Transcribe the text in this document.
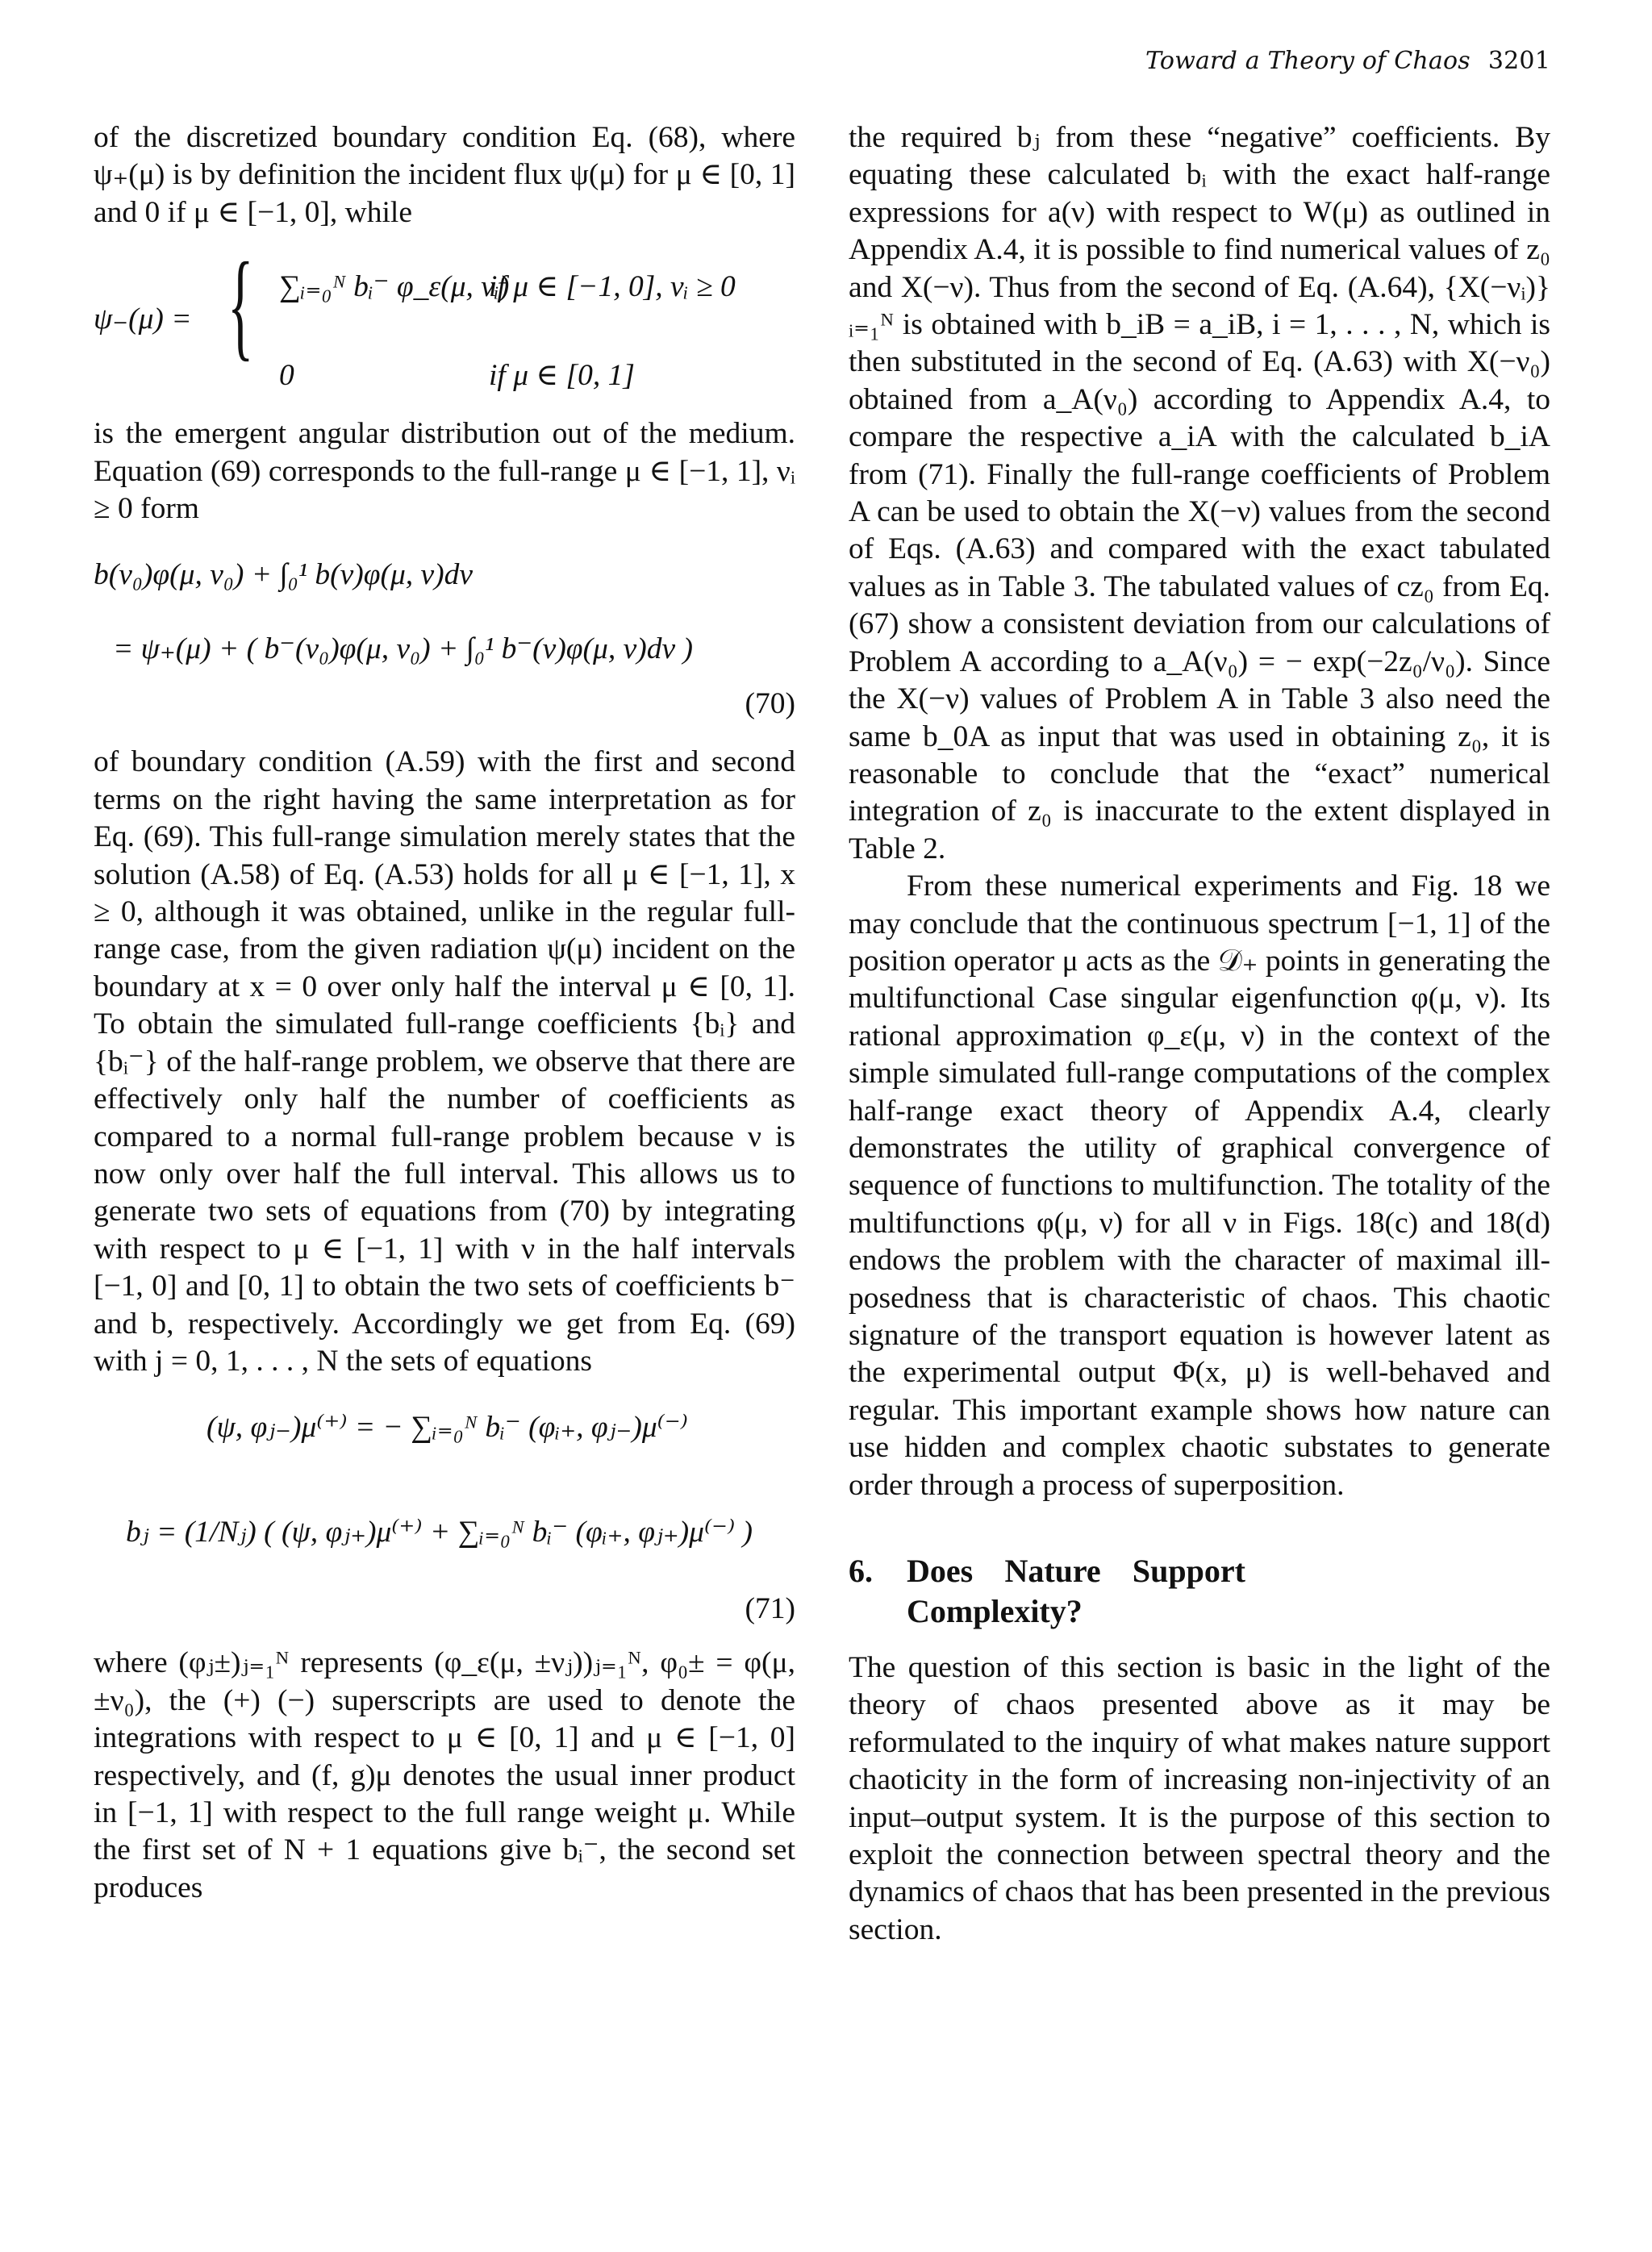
Toward a Theory of Chaos 3201

of the discretized boundary condition Eq. (68), where ψ₊(μ) is by definition the incident flux ψ(μ) for μ ∈ [0, 1] and 0 if μ ∈ [−1, 0], while

ψ₋(μ) = { ∑ᵢ₌₀ᴺ bᵢ⁻ φ_ε(μ, νᵢ)
if μ ∈ [−1, 0], νᵢ ≥ 0
0	if μ ∈ [0, 1]

is the emergent angular distribution out of the medium. Equation (69) corresponds to the full-range μ ∈ [−1, 1], νᵢ ≥ 0 form

b(ν₀)φ(μ, ν₀) + ∫₀¹ b(ν)φ(μ, ν)dν
= ψ₊(μ) + ( b⁻(ν₀)φ(μ, ν₀) + ∫₀¹ b⁻(ν)φ(μ, ν)dν )
(70)

of boundary condition (A.59) with the first and second terms on the right having the same interpretation as for Eq. (69). This full-range simulation merely states that the solution (A.58) of Eq. (A.53) holds for all μ ∈ [−1, 1], x ≥ 0, although it was obtained, unlike in the regular full-range case, from the given radiation ψ(μ) incident on the boundary at x = 0 over only half the interval μ ∈ [0, 1]. To obtain the simulated full-range coefficients {bᵢ} and {bᵢ⁻} of the half-range problem, we observe that there are effectively only half the number of coefficients as compared to a normal full-range problem because ν is now only over half the full interval. This allows us to generate two sets of equations from (70) by integrating with respect to μ ∈ [−1, 1] with ν in the half intervals [−1, 0] and [0, 1] to obtain the two sets of coefficients b⁻ and b, respectively. Accordingly we get from Eq. (69) with j = 0, 1, . . . , N the sets of equations

(ψ, φⱼ₋)μ⁽⁺⁾ = − ∑ᵢ₌₀ᴺ bᵢ⁻ (φᵢ₊, φⱼ₋)μ⁽⁻⁾
bⱼ = (1/Nⱼ) ( (ψ, φⱼ₊)μ⁽⁺⁾ + ∑ᵢ₌₀ᴺ bᵢ⁻ (φᵢ₊, φⱼ₊)μ⁽⁻⁾ )
(71)

where (φⱼ±)ⱼ₌₁ᴺ represents (φ_ε(μ, ±νⱼ))ⱼ₌₁ᴺ, φ₀± = φ(μ, ±ν₀), the (+) (−) superscripts are used to denote the integrations with respect to μ ∈ [0, 1] and μ ∈ [−1, 0] respectively, and (f, g)μ denotes the usual inner product in [−1, 1] with respect to the full range weight μ. While the first set of N + 1 equations give bᵢ⁻, the second set produces

the required bⱼ from these “negative” coefficients. By equating these calculated bᵢ with the exact half-range expressions for a(ν) with respect to W(μ) as outlined in Appendix A.4, it is possible to find numerical values of z₀ and X(−ν). Thus from the second of Eq. (A.64), {X(−νᵢ)}ᵢ₌₁ᴺ is obtained with b_iB = a_iB, i = 1, . . . , N, which is then substituted in the second of Eq. (A.63) with X(−ν₀) obtained from a_A(ν₀) according to Appendix A.4, to compare the respective a_iA with the calculated b_iA from (71). Finally the full-range coefficients of Problem A can be used to obtain the X(−ν) values from the second of Eqs. (A.63) and compared with the exact tabulated values as in Table 3. The tabulated values of cz₀ from Eq. (67) show a consistent deviation from our calculations of Problem A according to a_A(ν₀) = − exp(−2z₀/ν₀). Since the X(−ν) values of Problem A in Table 3 also need the same b_0A as input that was used in obtaining z₀, it is reasonable to conclude that the “exact” numerical integration of z₀ is inaccurate to the extent displayed in Table 2.

From these numerical experiments and Fig. 18 we may conclude that the continuous spectrum [−1, 1] of the position operator μ acts as the 𝒟₊ points in generating the multifunctional Case singular eigenfunction φ(μ, ν). Its rational approximation φ_ε(μ, ν) in the context of the simple simulated full-range computations of the complex half-range exact theory of Appendix A.4, clearly demonstrates the utility of graphical convergence of sequence of functions to multifunction. The totality of the multifunctions φ(μ, ν) for all ν in Figs. 18(c) and 18(d) endows the problem with the character of maximal ill-posedness that is characteristic of chaos. This chaotic signature of the transport equation is however latent as the experimental output Φ(x, μ) is well-behaved and regular. This important example shows how nature can use hidden and complex chaotic substates to generate order through a process of superposition.

6. Does Nature Support Complexity?

The question of this section is basic in the light of the theory of chaos presented above as it may be reformulated to the inquiry of what makes nature support chaoticity in the form of increasing non-injectivity of an input–output system. It is the purpose of this section to exploit the connection between spectral theory and the dynamics of chaos that has been presented in the previous section.
